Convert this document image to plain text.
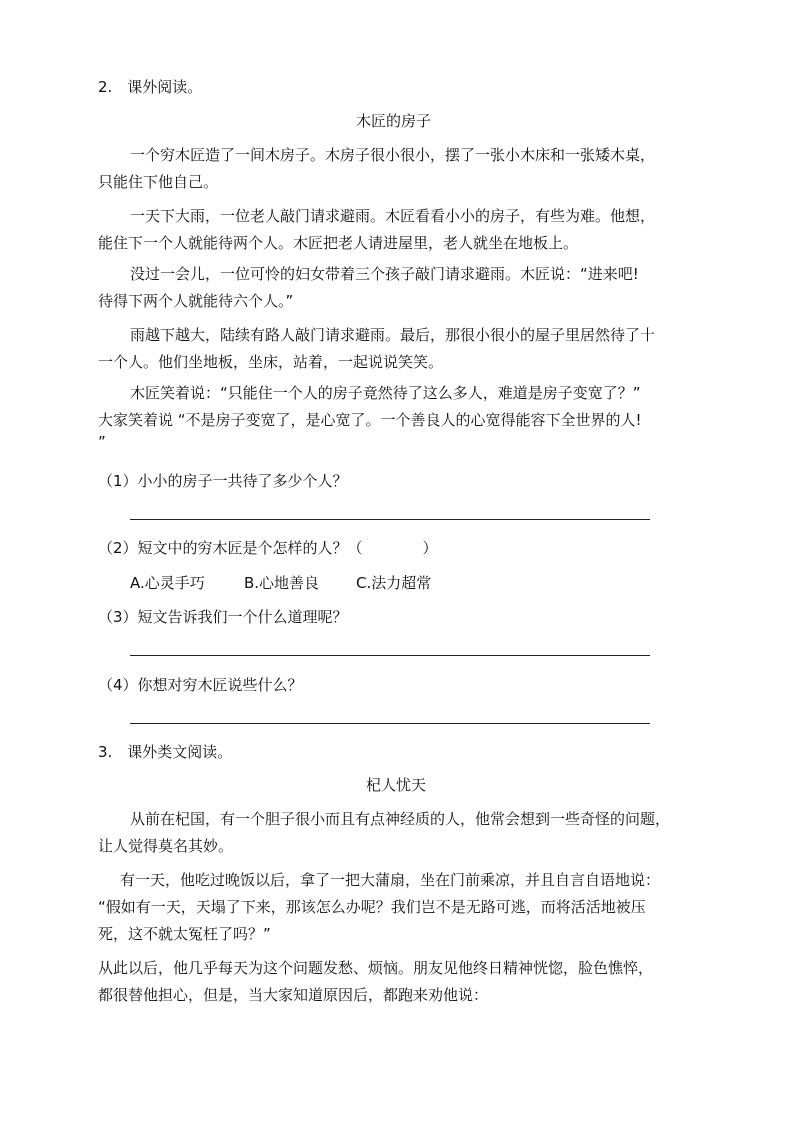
2.　课外阅读。
木匠的房子
一个穷木匠造了一间木房子。木房子很小很小，摆了一张小木床和一张矮木桌，
只能住下他自己。
一天下大雨，一位老人敲门请求避雨。木匠看看小小的房子，有些为难。他想，
能住下一个人就能待两个人。木匠把老人请进屋里，老人就坐在地板上。
没过一会儿，一位可怜的妇女带着三个孩子敲门请求避雨。木匠说：“进来吧!
待得下两个人就能待六个人。”
雨越下越大，陆续有路人敲门请求避雨。最后，那很小很小的屋子里居然待了十
一个人。他们坐地板，坐床，站着，一起说说笑笑。
木匠笑着说：“只能住一个人的房子竟然待了这么多人，难道是房子变宽了？”
大家笑着说 “不是房子变宽了，是心宽了。一个善良人的心宽得能容下全世界的人!
”
（1）小小的房子一共待了多少个人？
（2）短文中的穷木匠是个怎样的人？（　　　　）
A.心灵手巧	B.心地善良 C.法力超常
（3）短文告诉我们一个什么道理呢？
（4）你想对穷木匠说些什么？
3.　课外类文阅读。
杞人忧天
从前在杞国，有一个胆子很小而且有点神经质的人，他常会想到一些奇怪的问题，
让人觉得莫名其妙。
有一天，他吃过晚饭以后，拿了一把大蒲扇，坐在门前乘凉，并且自言自语地说：
“假如有一天，天塌了下来，那该怎么办呢？我们岂不是无路可逃，而将活活地被压
死，这不就太冤枉了吗？”
从此以后，他几乎每天为这个问题发愁、烦恼。朋友见他终日精神恍惚，脸色憔悴，
都很替他担心，但是，当大家知道原因后，都跑来劝他说：
